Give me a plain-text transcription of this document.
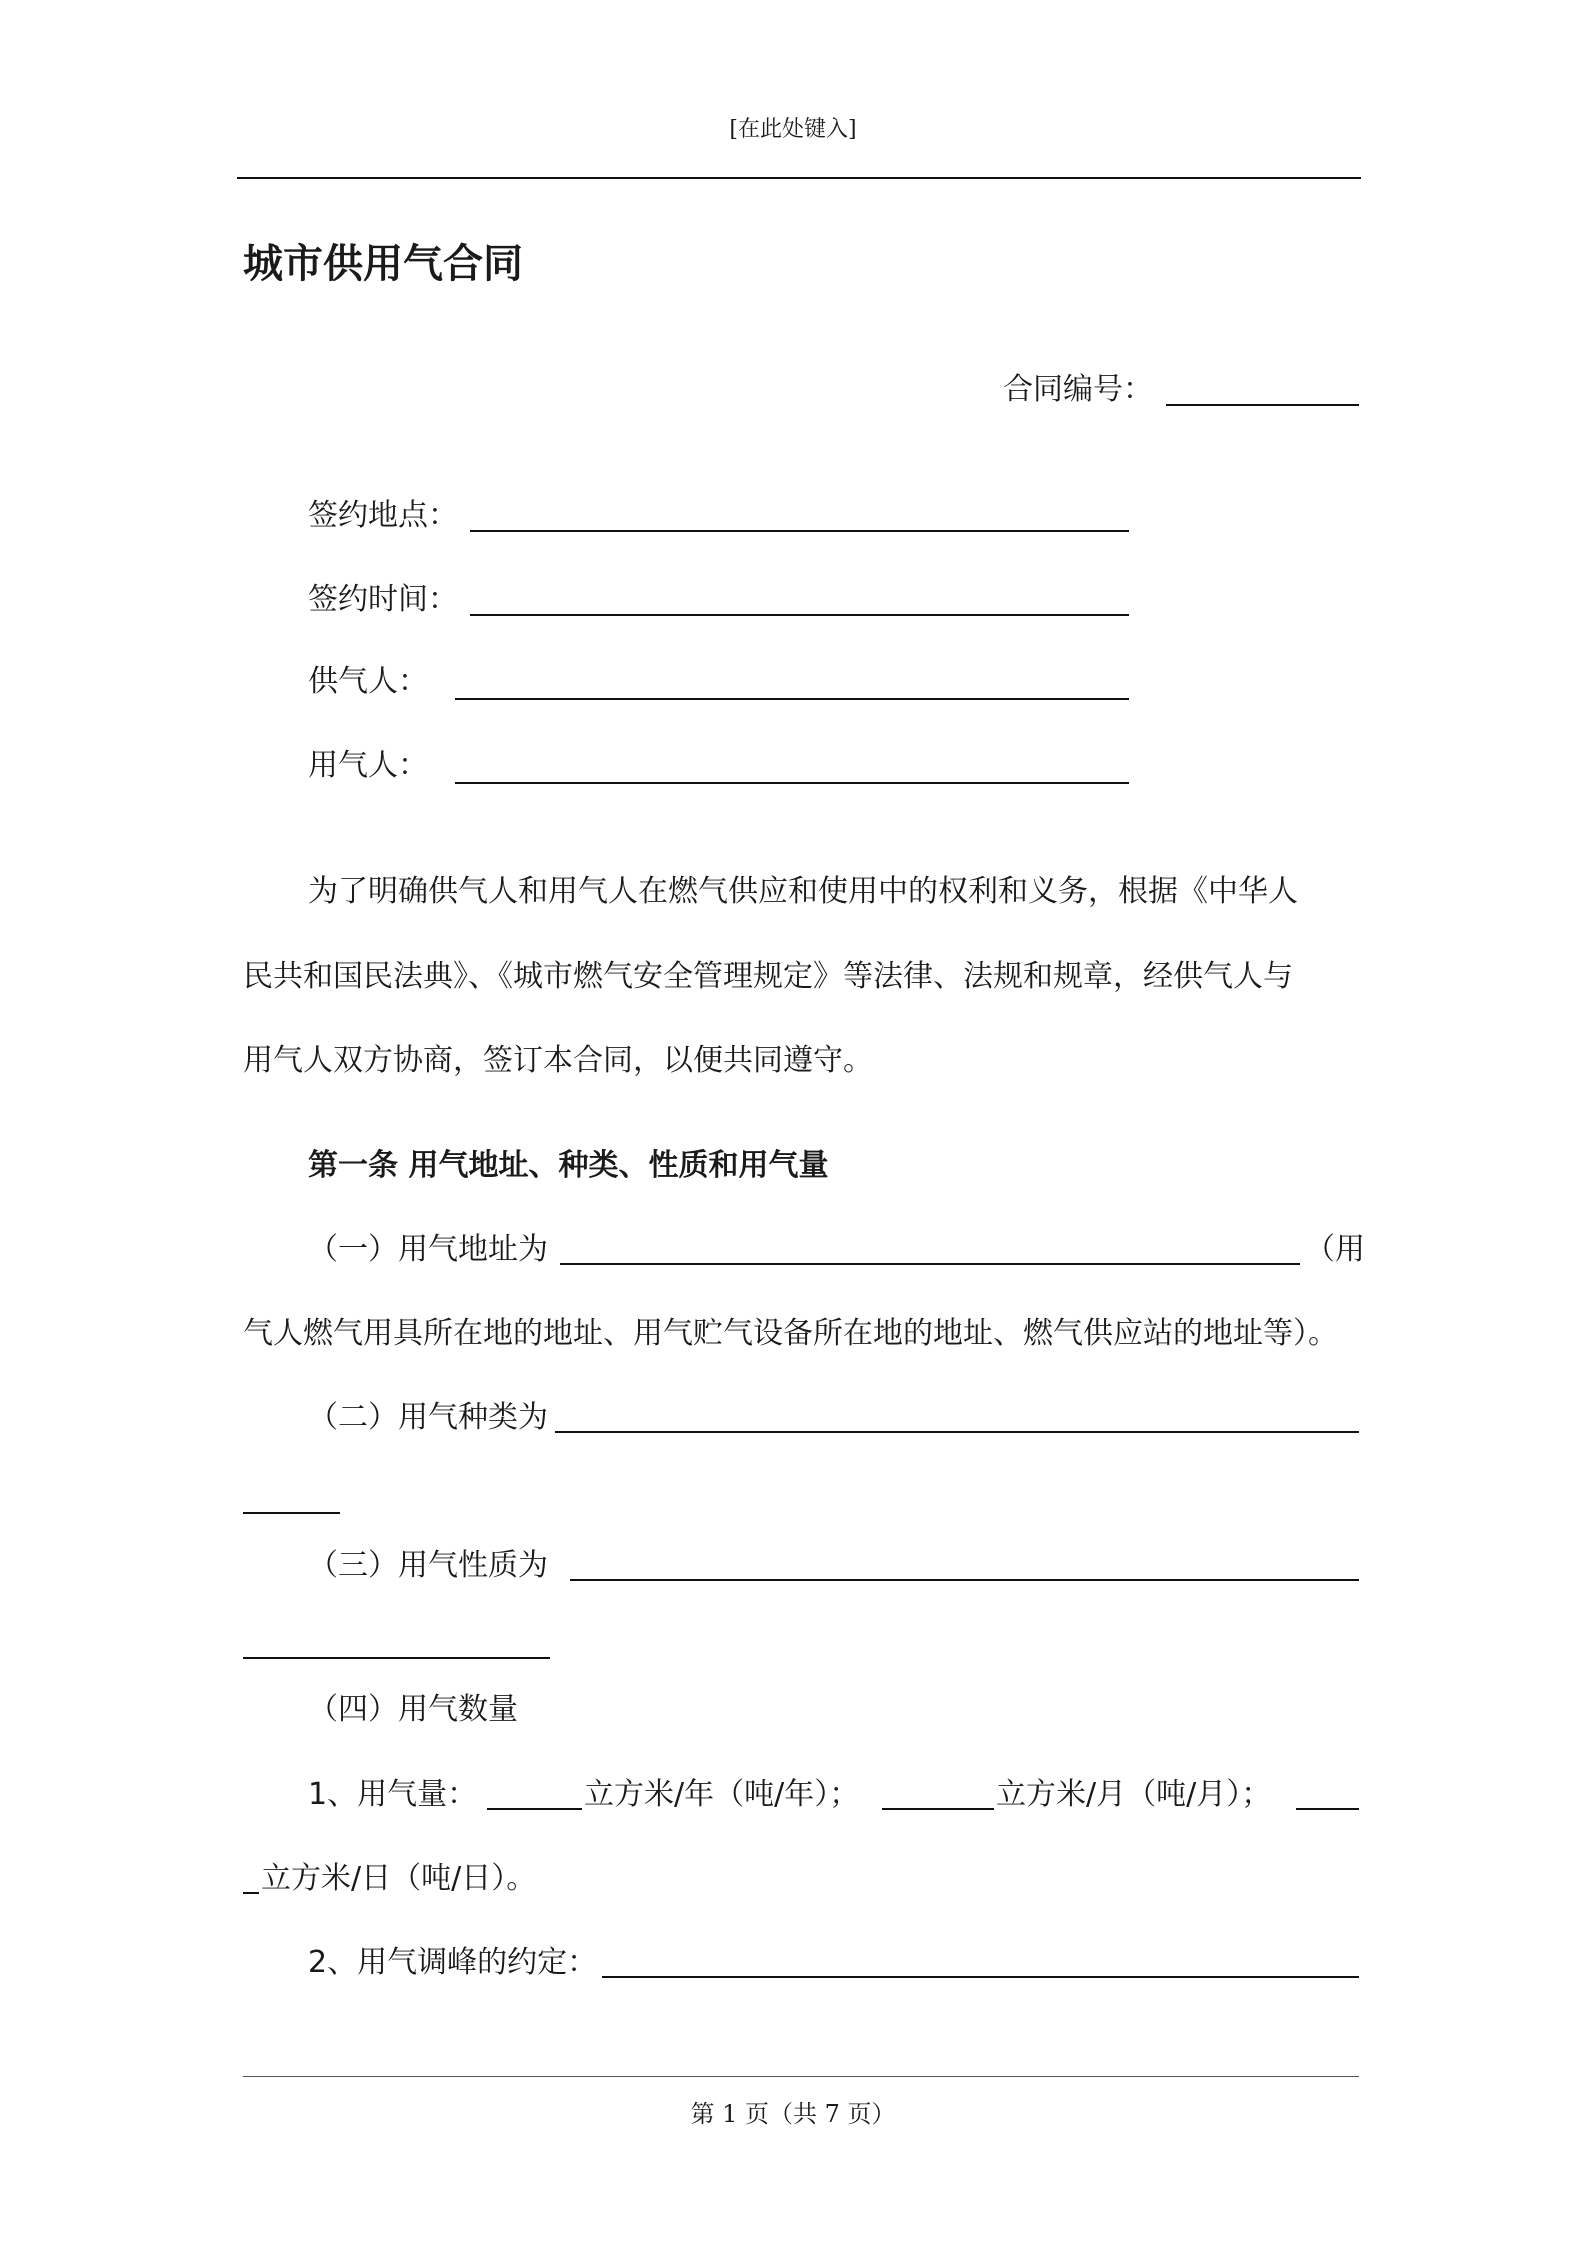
[在此处键入]
城市供用气合同
合同编号：
签约地点：
签约时间：
供气人：
用气人：
为了明确供气人和用气人在燃气供应和使用中的权利和义务，根据《中华人
民共和国民法典》、《城市燃气安全管理规定》等法律、法规和规章，经供气人与
用气人双方协商，签订本合同，以便共同遵守。
第一条 用气地址、种类、性质和用气量
（一）用气地址为	（用
气人燃气用具所在地的地址、用气贮气设备所在地的地址、燃气供应站的地址等）。
（二）用气种类为
（三）用气性质为
（四）用气数量
1、用气量：	立方米/年（吨/年）；	立方米/月（吨/月）；
立方米/日（吨/日）。
2、用气调峰的约定：
第 1 页（共 7 页）
